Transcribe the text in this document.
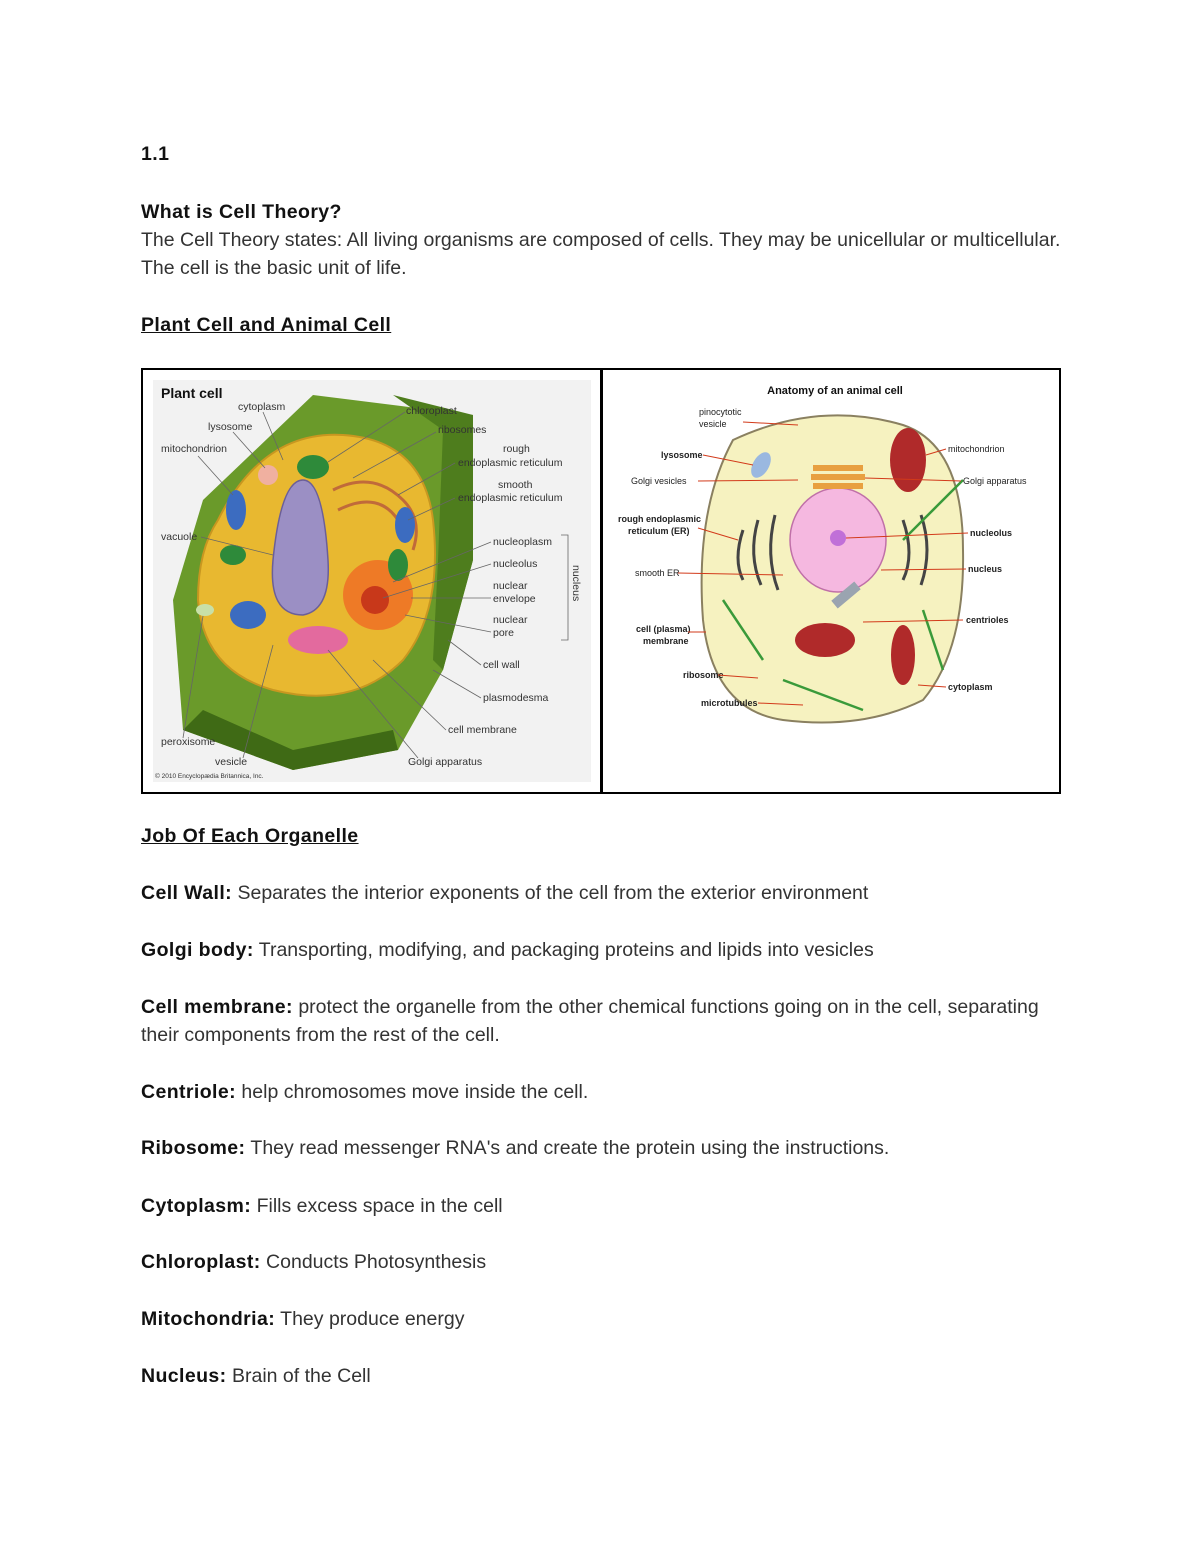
1.1
What is Cell Theory?
The Cell Theory states: All living organisms are composed of cells. They may be unicellular or multicellular. The cell is the basic unit of life.
Plant Cell and Animal Cell
Plant cell
cytoplasm
lysosome
mitochondrion
chloroplast
ribosomes
rough
endoplasmic reticulum
smooth
endoplasmic reticulum
vacuole	nucleoplasm
nucleolus
nuclear
envelope
nuclear
pore
nucleus
cell wall
plasmodesma
cell membrane
peroxisome
vesicle	Golgi apparatus
© 2010 Encyclopædia Britannica, Inc.
Anatomy of an animal cell
pinocytotic
vesicle
lysosome
Golgi vesicles
rough endoplasmic
reticulum (ER)
smooth ER
cell (plasma)
membrane
ribosome
microtubules
mitochondrion
Golgi apparatus
nucleolus
nucleus
centrioles
cytoplasm
Job Of Each Organelle
Cell Wall: Separates the interior exponents of the cell from the exterior environment
Golgi body: Transporting, modifying, and packaging proteins and lipids into vesicles
Cell membrane: protect the organelle from the other chemical functions going on in the cell, separating their components from the rest of the cell.
Centriole: help chromosomes move inside the cell.
Ribosome: They read messenger RNA's and create the protein using the instructions.
Cytoplasm: Fills excess space in the cell
Chloroplast: Conducts Photosynthesis
Mitochondria: They produce energy
Nucleus: Brain of the Cell
